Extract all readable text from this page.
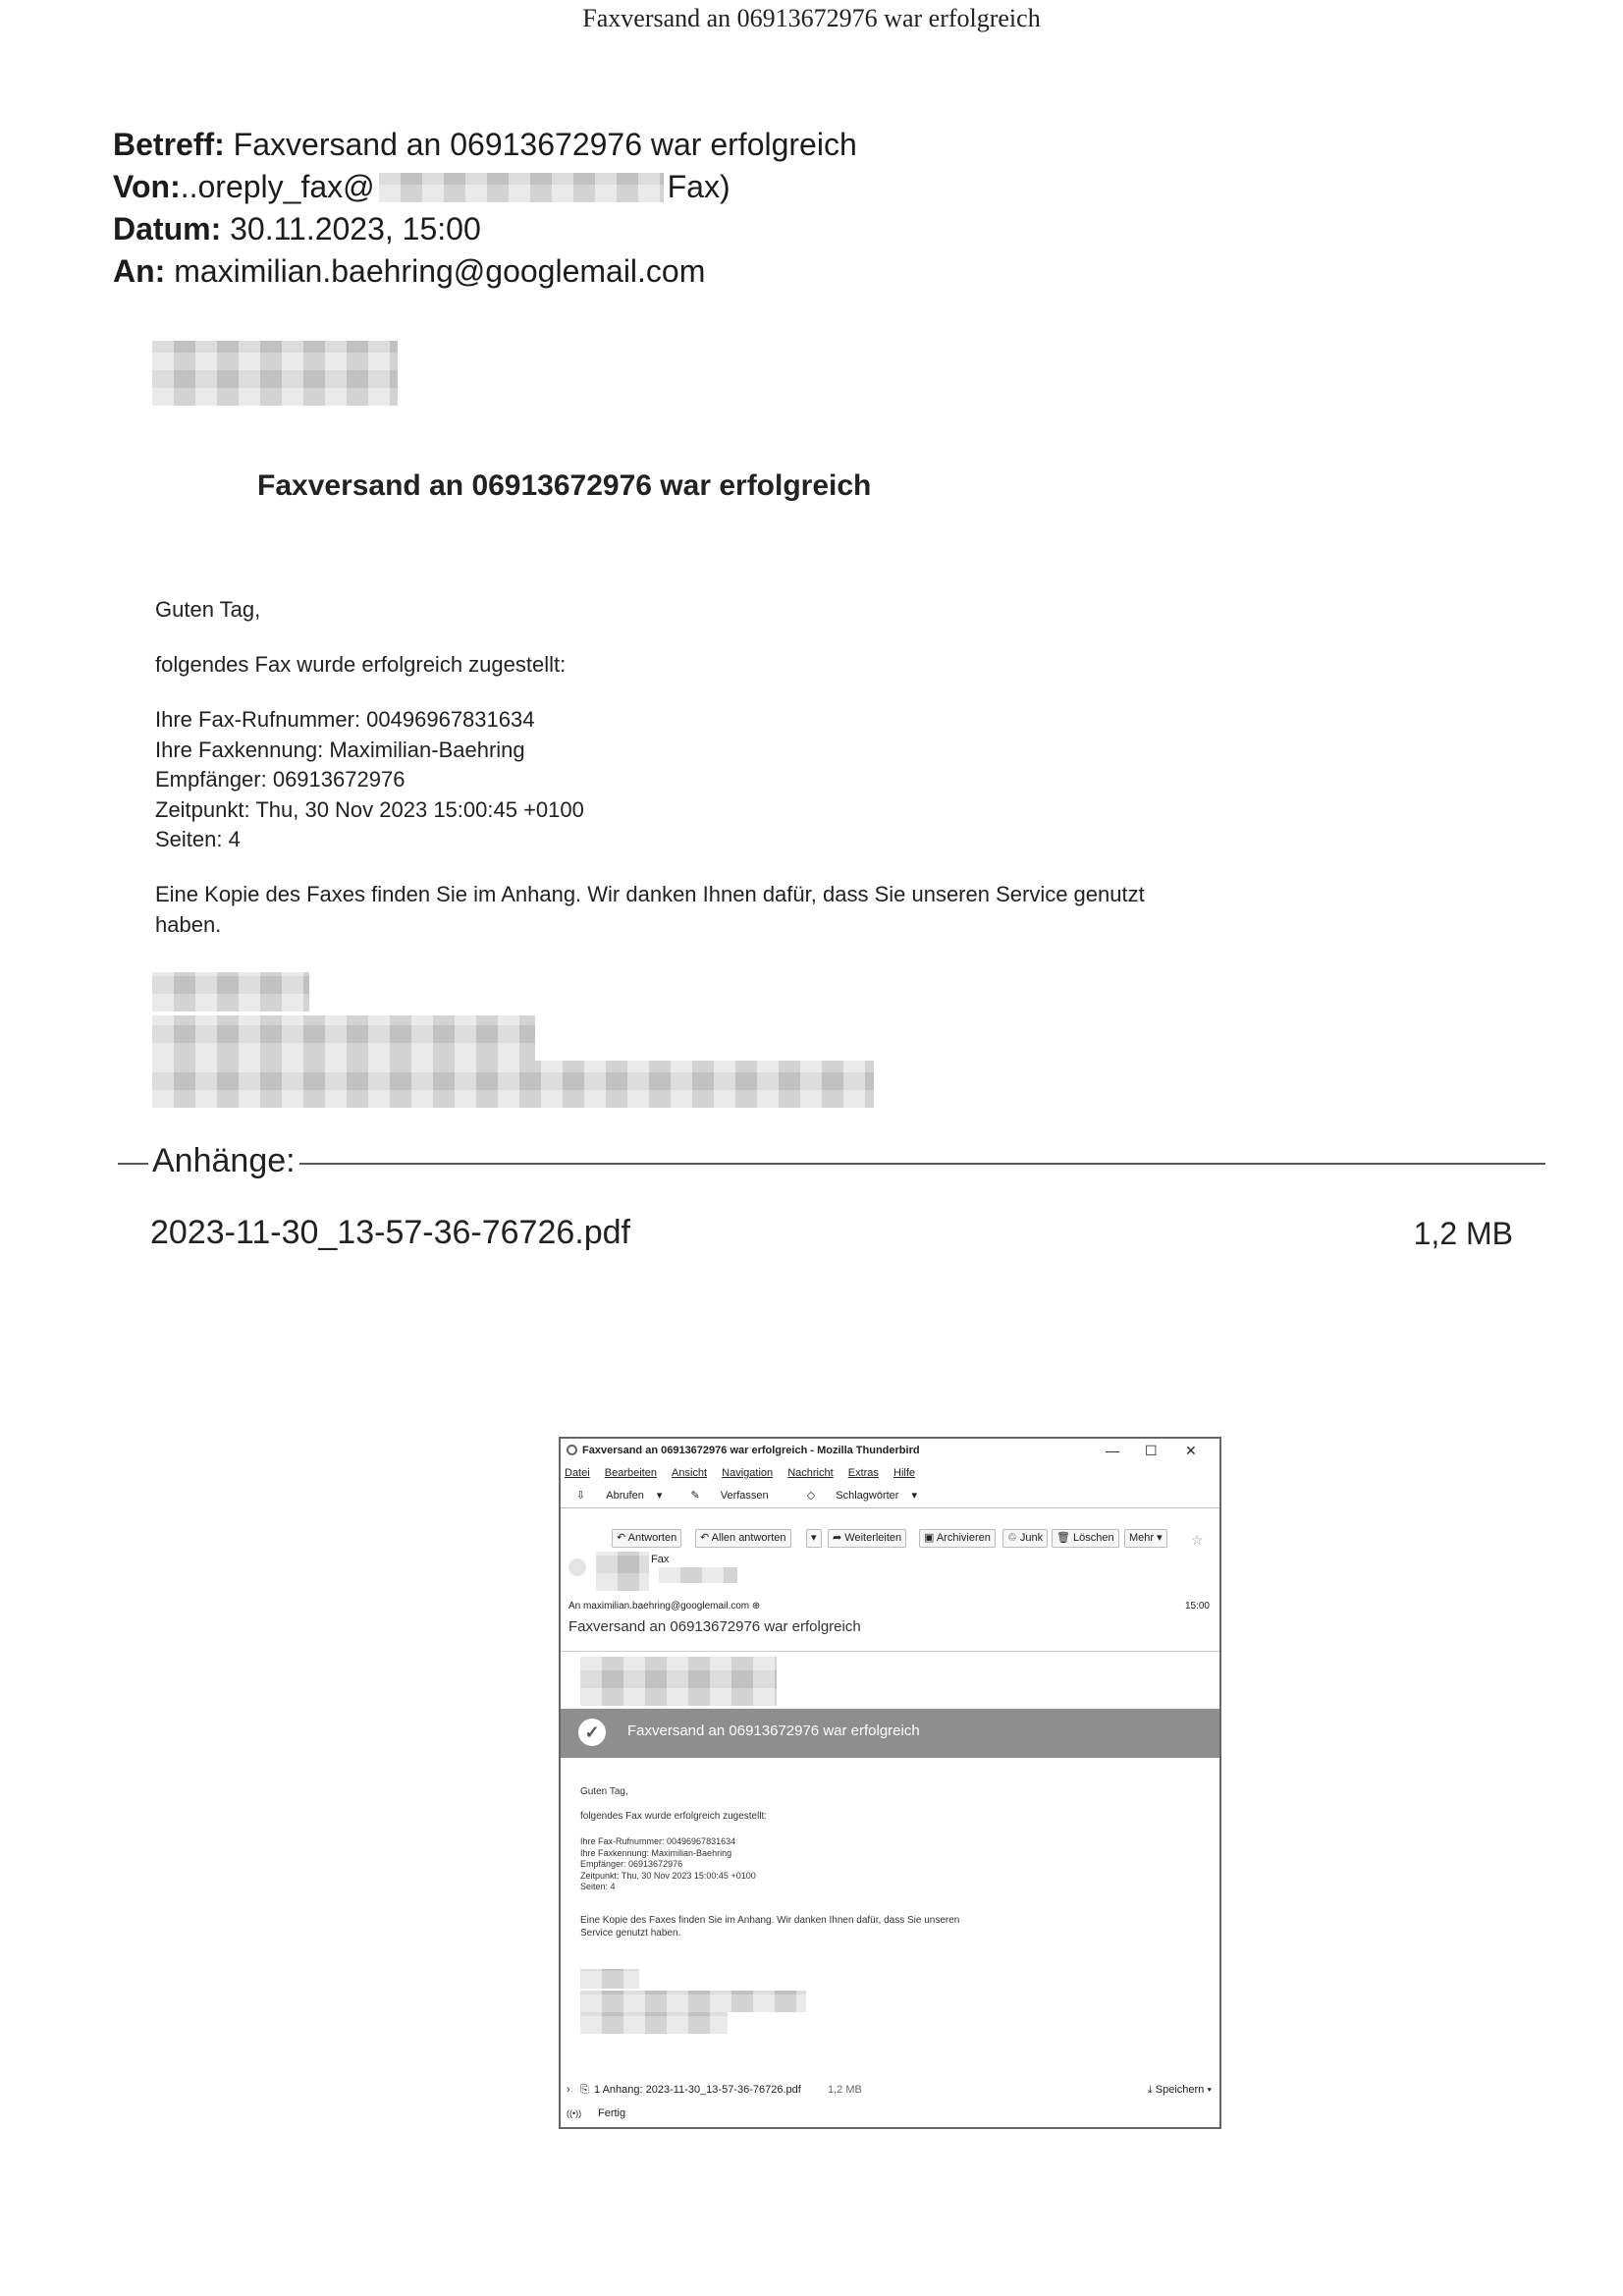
Faxversand an 06913672976 war erfolgreich
Betreff: Faxversand an 06913672976 war erfolgreich
Von:..oreply_fax@	Fax)
Datum: 30.11.2023, 15:00
An: maximilian.baehring@googlemail.com
Faxversand an 06913672976 war erfolgreich
Guten Tag,
folgendes Fax wurde erfolgreich zugestellt:
Ihre Fax-Rufnummer: 00496967831634
Ihre Faxkennung: Maximilian-Baehring
Empfänger: 06913672976
Zeitpunkt: Thu, 30 Nov 2023 15:00:45 +0100
Seiten: 4
Eine Kopie des Faxes finden Sie im Anhang. Wir danken Ihnen dafür, dass Sie unseren Service genutzt
haben.
Anhänge:
2023-11-30_13-57-36-76726.pdf	1,2 MB
Faxversand an 06913672976 war erfolgreich - Mozilla Thunderbird	— ☐ ✕
Datei Bearbeiten Ansicht Navigation Nachricht Extras Hilfe
⇩ Abrufen ▾	✎ Verfassen	◇ Schlagwörter ▾
↶ Antworten	↶ Allen antworten	▾	➦ Weiterleiten	▣ Archivieren	♲ Junk	🗑 Löschen	Mehr ▾	☆
Fax
An maximilian.baehring@googlemail.com ⊕	15:00
Faxversand an 06913672976 war erfolgreich
✓	Faxversand an 06913672976 war erfolgreich
Guten Tag,
folgendes Fax wurde erfolgreich zugestellt:
Ihre Fax-Rufnummer: 00496967831634
Ihre Faxkennung: Maximilian-Baehring
Empfänger: 06913672976
Zeitpunkt: Thu, 30 Nov 2023 15:00:45 +0100
Seiten: 4
Eine Kopie des Faxes finden Sie im Anhang. Wir danken Ihnen dafür, dass Sie unseren
Service genutzt haben.
› ⎘ 1 Anhang: 2023-11-30_13-57-36-76726.pdf 1,2 MB	⤓ Speichern ▾
((•)) Fertig
